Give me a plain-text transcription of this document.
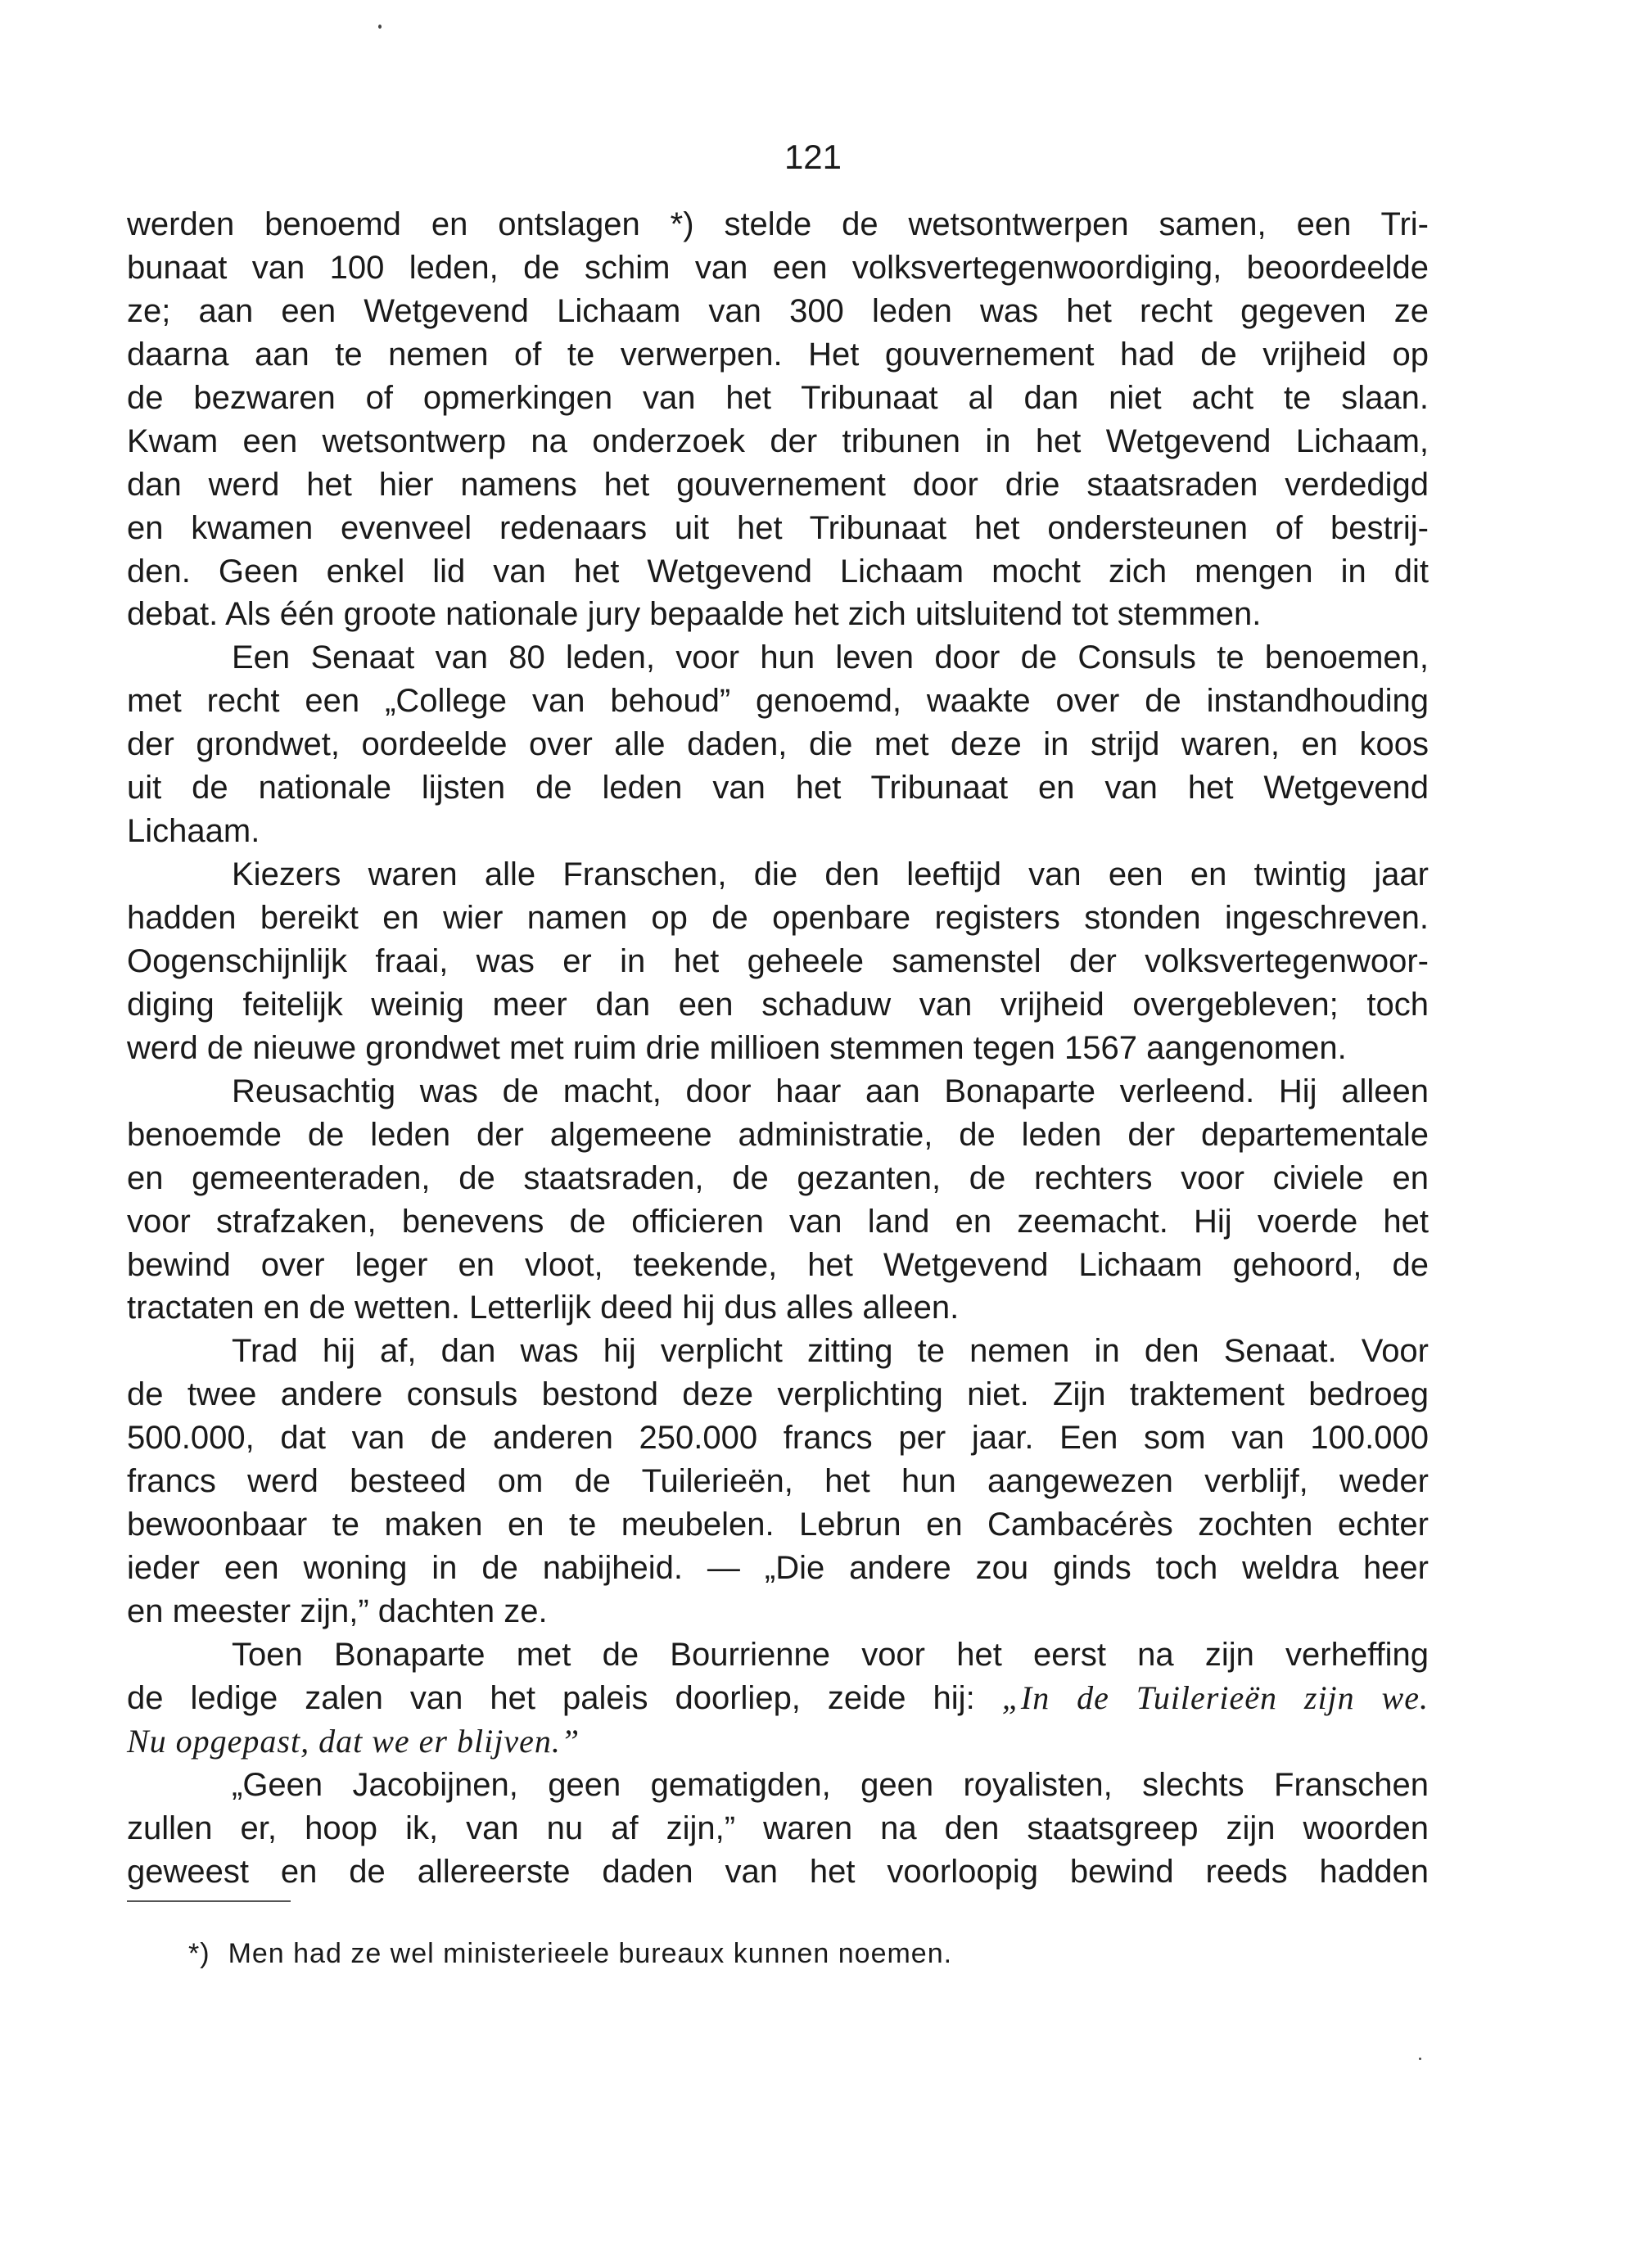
121
werden benoemd en ontslagen *) stelde de wetsontwerpen samen, een Tri-
bunaat van 100 leden, de schim van een volksvertegenwoordiging, beoordeelde
ze; aan een Wetgevend Lichaam van 300 leden was het recht gegeven ze
daarna aan te nemen of te verwerpen. Het gouvernement had de vrijheid op
de bezwaren of opmerkingen van het Tribunaat al dan niet acht te slaan.
Kwam een wetsontwerp na onderzoek der tribunen in het Wetgevend Lichaam,
dan werd het hier namens het gouvernement door drie staatsraden verdedigd
en kwamen evenveel redenaars uit het Tribunaat het ondersteunen of bestrij-
den. Geen enkel lid van het Wetgevend Lichaam mocht zich mengen in dit
debat. Als één groote nationale jury bepaalde het zich uitsluitend tot stemmen.
Een Senaat van 80 leden, voor hun leven door de Consuls te benoemen,
met recht een „College van behoud” genoemd, waakte over de instandhouding
der grondwet, oordeelde over alle daden, die met deze in strijd waren, en koos
uit de nationale lijsten de leden van het Tribunaat en van het Wetgevend
Lichaam.
Kiezers waren alle Franschen, die den leeftijd van een en twintig jaar
hadden bereikt en wier namen op de openbare registers stonden ingeschreven.
Oogenschijnlijk fraai, was er in het geheele samenstel der volksvertegenwoor-
diging feitelijk weinig meer dan een schaduw van vrijheid overgebleven; toch
werd de nieuwe grondwet met ruim drie millioen stemmen tegen 1567 aangenomen.
Reusachtig was de macht, door haar aan Bonaparte verleend. Hij alleen
benoemde de leden der algemeene administratie, de leden der departementale
en gemeenteraden, de staatsraden, de gezanten, de rechters voor civiele en
voor strafzaken, benevens de officieren van land en zeemacht. Hij voerde het
bewind over leger en vloot, teekende, het Wetgevend Lichaam gehoord, de
tractaten en de wetten. Letterlijk deed hij dus alles alleen.
Trad hij af, dan was hij verplicht zitting te nemen in den Senaat. Voor
de twee andere consuls bestond deze verplichting niet. Zijn traktement bedroeg
500.000, dat van de anderen 250.000 francs per jaar. Een som van 100.000
francs werd besteed om de Tuilerieën, het hun aangewezen verblijf, weder
bewoonbaar te maken en te meubelen. Lebrun en Cambacérès zochten echter
ieder een woning in de nabijheid. — „Die andere zou ginds toch weldra heer
en meester zijn,” dachten ze.
Toen Bonaparte met de Bourrienne voor het eerst na zijn verheffing
de ledige zalen van het paleis doorliep, zeide hij: „In de Tuilerieën zijn we.
Nu opgepast, dat we er blijven.”
„Geen Jacobijnen, geen gematigden, geen royalisten, slechts Franschen
zullen er, hoop ik, van nu af zijn,” waren na den staatsgreep zijn woorden
geweest en de allereerste daden van het voorloopig bewind reeds hadden
*) Men had ze wel ministerieele bureaux kunnen noemen.
